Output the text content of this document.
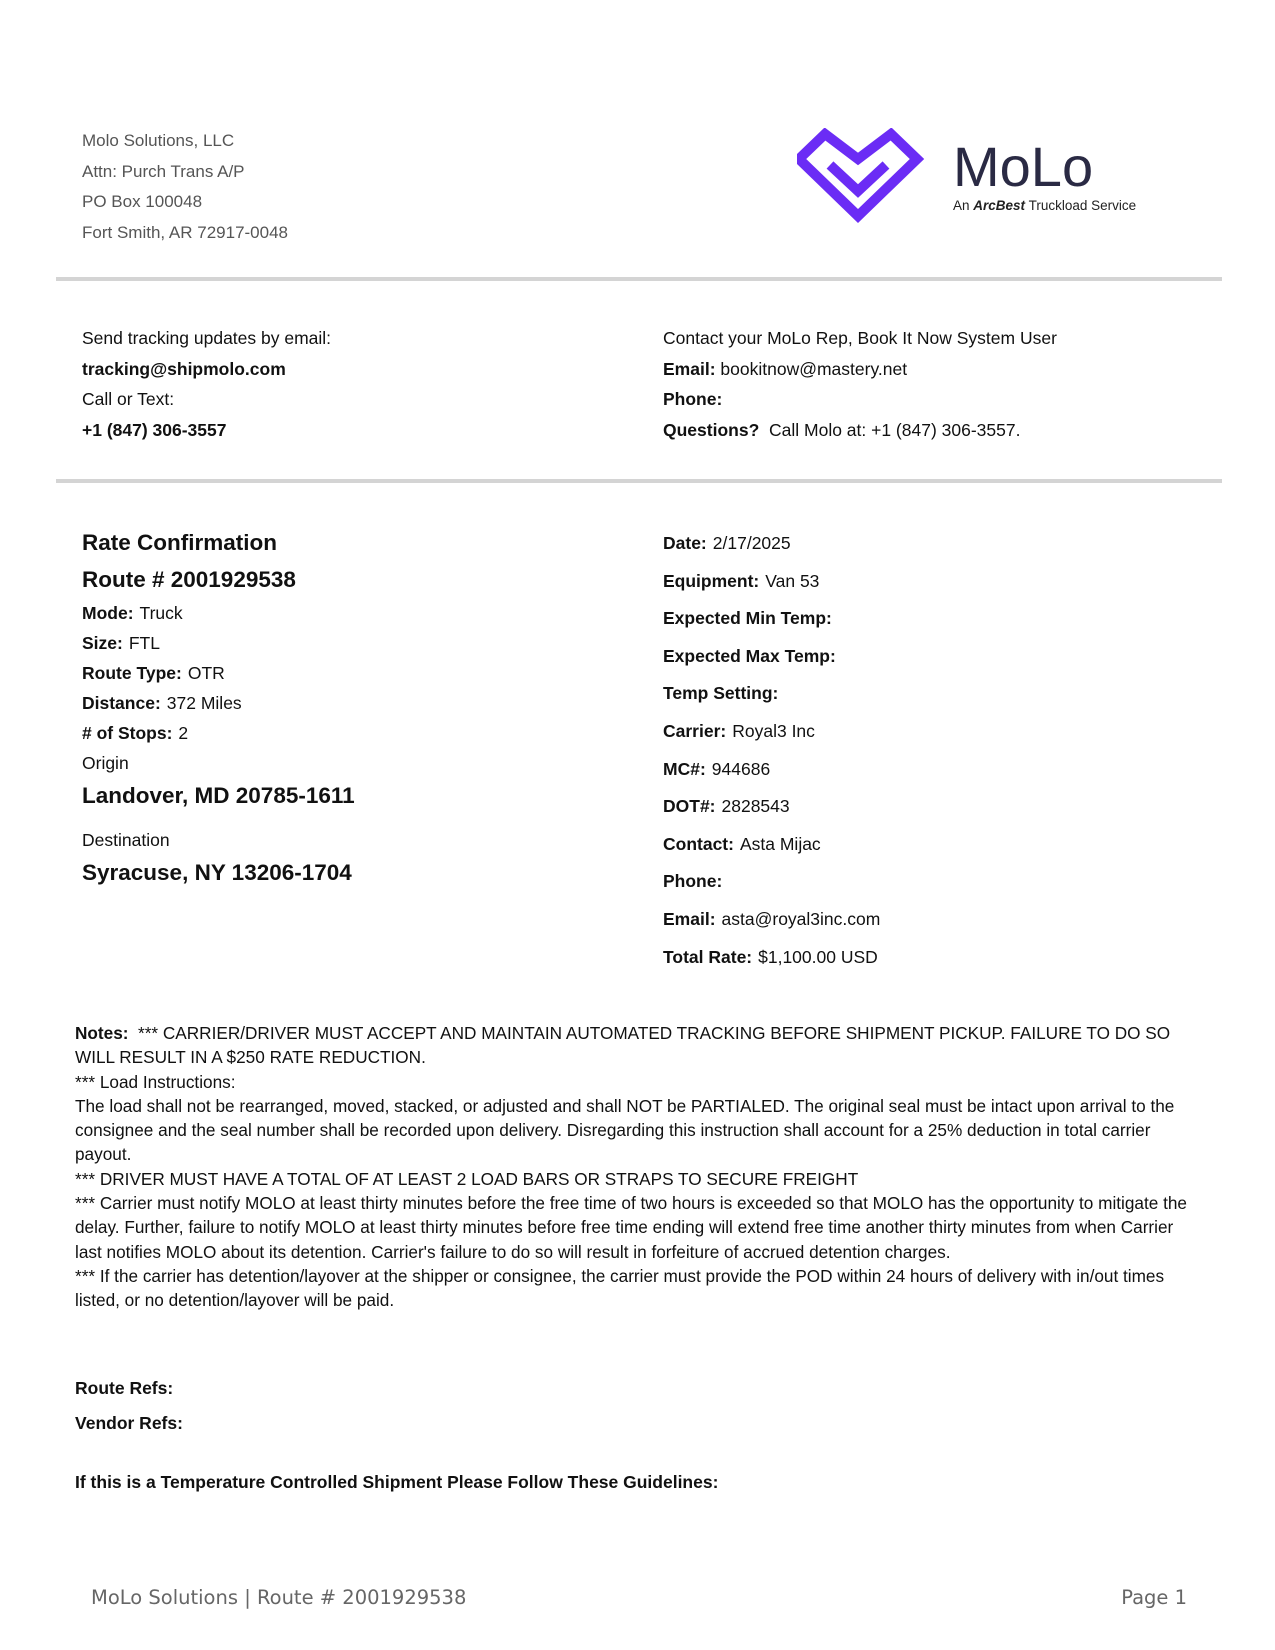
Molo Solutions, LLC
Attn: Purch Trans A/P
PO Box 100048
Fort Smith, AR 72917-0048
MoLo
An ArcBest Truckload Service
Send tracking updates by email:
tracking@shipmolo.com
Call or Text:
+1 (847) 306-3557
Contact your MoLo Rep, Book It Now System User
Email: bookitnow@mastery.net
Phone:
Questions? Call Molo at: +1 (847) 306-3557.
Rate Confirmation
Route # 2001929538
Mode: Truck
Size: FTL
Route Type: OTR
Distance: 372 Miles
# of Stops: 2
Origin
Landover, MD 20785-1611
Destination
Syracuse, NY 13206-1704
Date: 2/17/2025
Equipment: Van 53
Expected Min Temp:
Expected Max Temp:
Temp Setting:
Carrier: Royal3 Inc
MC#: 944686
DOT#: 2828543
Contact: Asta Mijac
Phone:
Email: asta@royal3inc.com
Total Rate: $1,100.00 USD

Notes: *** CARRIER/DRIVER MUST ACCEPT AND MAINTAIN AUTOMATED TRACKING BEFORE SHIPMENT PICKUP. FAILURE TO DO SO WILL RESULT IN A $250 RATE REDUCTION.

*** Load Instructions:

The load shall not be rearranged, moved, stacked, or adjusted and shall NOT be PARTIALED. The original seal must be intact upon arrival to the consignee and the seal number shall be recorded upon delivery. Disregarding this instruction shall account for a 25% deduction in total carrier payout.

*** DRIVER MUST HAVE A TOTAL OF AT LEAST 2 LOAD BARS OR STRAPS TO SECURE FREIGHT

*** Carrier must notify MOLO at least thirty minutes before the free time of two hours is exceeded so that MOLO has the opportunity to mitigate the delay. Further, failure to notify MOLO at least thirty minutes before free time ending will extend free time another thirty minutes from when Carrier last notifies MOLO about its detention. Carrier's failure to do so will result in forfeiture of accrued detention charges.

*** If the carrier has detention/layover at the shipper or consignee, the carrier must provide the POD within 24 hours of delivery with in/out times listed, or no detention/layover will be paid.

Route Refs:
Vendor Refs:
If this is a Temperature Controlled Shipment Please Follow These Guidelines:
MoLo Solutions | Route # 2001929538	Page 1
